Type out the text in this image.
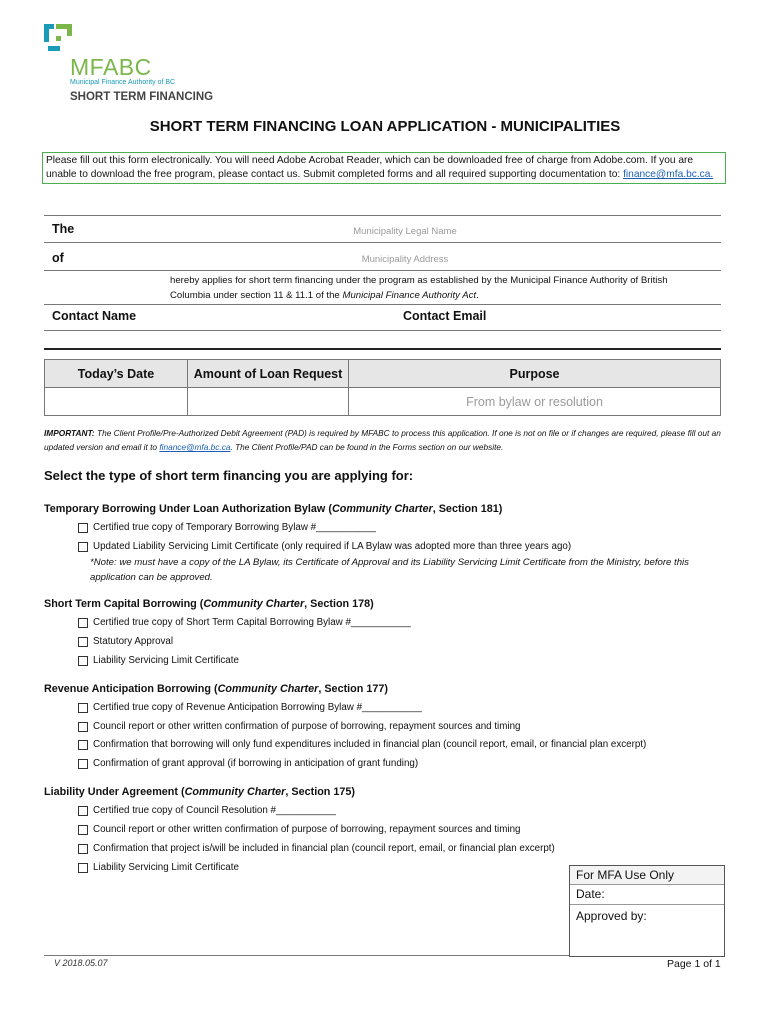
MFABC
Municipal Finance Authority of BC
SHORT TERM FINANCING
SHORT TERM FINANCING LOAN APPLICATION - MUNICIPALITIES
Please fill out this form electronically. You will need Adobe Acrobat Reader, which can be downloaded free of charge from Adobe.com. If you are unable to download the free program, please contact us. Submit completed forms and all required supporting documentation to: finance@mfa.bc.ca.
The	Municipality Legal Name
of	Municipality Address
hereby applies for short term financing under the program as established by the Municipal Finance Authority of British Columbia under section 11 & 11.1 of the Municipal Finance Authority Act.
Contact Name	Contact Email
Today’s Date	Amount of Loan Request	Purpose
		From bylaw or resolution
IMPORTANT: The Client Profile/Pre-Authorized Debit Agreement (PAD) is required by MFABC to process this application. If one is not on file or if changes are required, please fill out an updated version and email it to finance@mfa.bc.ca. The Client Profile/PAD can be found in the Forms section on our website.
Select the type of short term financing you are applying for:
Temporary Borrowing Under Loan Authorization Bylaw (Community Charter, Section 181)
Certified true copy of Temporary Borrowing Bylaw #___________
Updated Liability Servicing Limit Certificate (only required if LA Bylaw was adopted more than three years ago)
*Note: we must have a copy of the LA Bylaw, its Certificate of Approval and its Liability Servicing Limit Certificate from the Ministry, before this application can be approved.
Short Term Capital Borrowing (Community Charter, Section 178)
Certified true copy of Short Term Capital Borrowing Bylaw #___________
Statutory Approval
Liability Servicing Limit Certificate
Revenue Anticipation Borrowing (Community Charter, Section 177)
Certified true copy of Revenue Anticipation Borrowing Bylaw #___________
Council report or other written confirmation of purpose of borrowing, repayment sources and timing
Confirmation that borrowing will only fund expenditures included in financial plan (council report, email, or financial plan excerpt)
Confirmation of grant approval (if borrowing in anticipation of grant funding)
Liability Under Agreement (Community Charter, Section 175)
Certified true copy of Council Resolution #___________
Council report or other written confirmation of purpose of borrowing, repayment sources and timing
Confirmation that project is/will be included in financial plan (council report, email, or financial plan excerpt)
Liability Servicing Limit Certificate
For MFA Use Only
Date:
Approved by:
V 2018.05.07	Page 1 of 1
